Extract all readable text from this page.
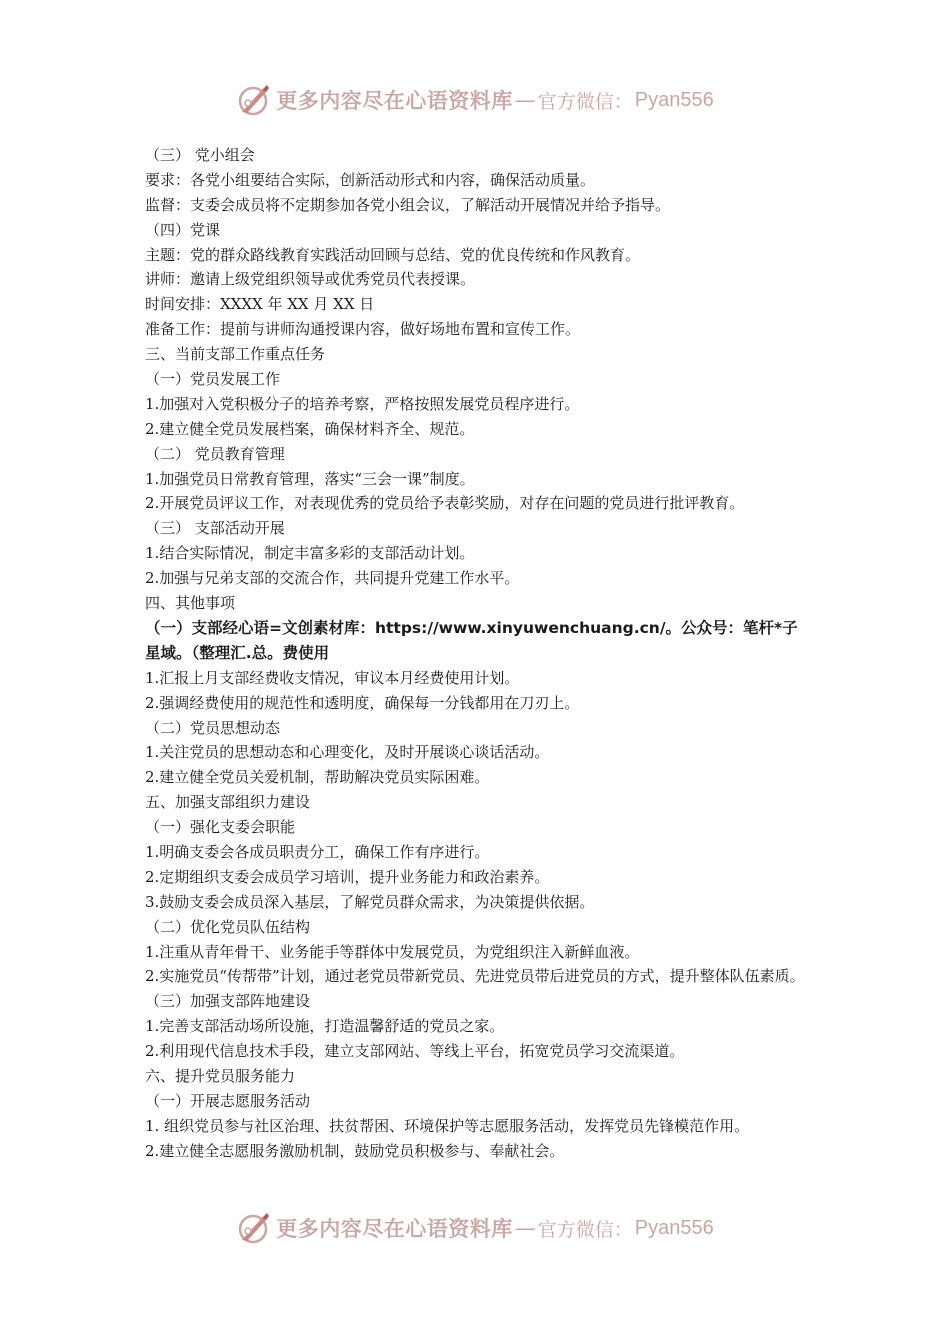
更多内容尽在心语资料库 — 官方微信： Pyan556
（三） 党小组会
要求：各党小组要结合实际，创新活动形式和内容，确保活动质量。
监督：支委会成员将不定期参加各党小组会议，了解活动开展情况并给予指导。
（四）党课
主题：党的群众路线教育实践活动回顾与总结、党的优良传统和作风教育。
讲师：邀请上级党组织领导或优秀党员代表授课。
时间安排：XXXX 年 XX 月 XX 日
准备工作：提前与讲师沟通授课内容，做好场地布置和宣传工作。
三、当前支部工作重点任务
（一）党员发展工作
1.加强对入党积极分子的培养考察，严格按照发展党员程序进行。
2.建立健全党员发展档案，确保材料齐全、规范。
（二） 党员教育管理
1.加强党员日常教育管理，落实“三会一课”制度。
2.开展党员评议工作，对表现优秀的党员给予表彰奖励，对存在问题的党员进行批评教育。
（三） 支部活动开展
1.结合实际情况，制定丰富多彩的支部活动计划。
2.加强与兄弟支部的交流合作，共同提升党建工作水平。
四、其他事项
（一）支部经心语=文创素材库：https://www.xinyuwenchuang.cn/。公众号：笔杆*子星域。（整理汇.总。费使用
1.汇报上月支部经费收支情况，审议本月经费使用计划。
2.强调经费使用的规范性和透明度，确保每一分钱都用在刀刃上。
（二）党员思想动态
1.关注党员的思想动态和心理变化，及时开展谈心谈话活动。
2.建立健全党员关爱机制，帮助解决党员实际困难。
五、加强支部组织力建设
（一）强化支委会职能
1.明确支委会各成员职责分工，确保工作有序进行。
2.定期组织支委会成员学习培训，提升业务能力和政治素养。
3.鼓励支委会成员深入基层，了解党员群众需求，为决策提供依据。
（二）优化党员队伍结构
1.注重从青年骨干、业务能手等群体中发展党员，为党组织注入新鲜血液。
2.实施党员“传帮带”计划，通过老党员带新党员、先进党员带后进党员的方式，提升整体队伍素质。
（三）加强支部阵地建设
1.完善支部活动场所设施，打造温馨舒适的党员之家。
2.利用现代信息技术手段，建立支部网站、等线上平台，拓宽党员学习交流渠道。
六、提升党员服务能力
（一）开展志愿服务活动
1. 组织党员参与社区治理、扶贫帮困、环境保护等志愿服务活动，发挥党员先锋模范作用。
2.建立健全志愿服务激励机制，鼓励党员积极参与、奉献社会。
更多内容尽在心语资料库 — 官方微信： Pyan556
